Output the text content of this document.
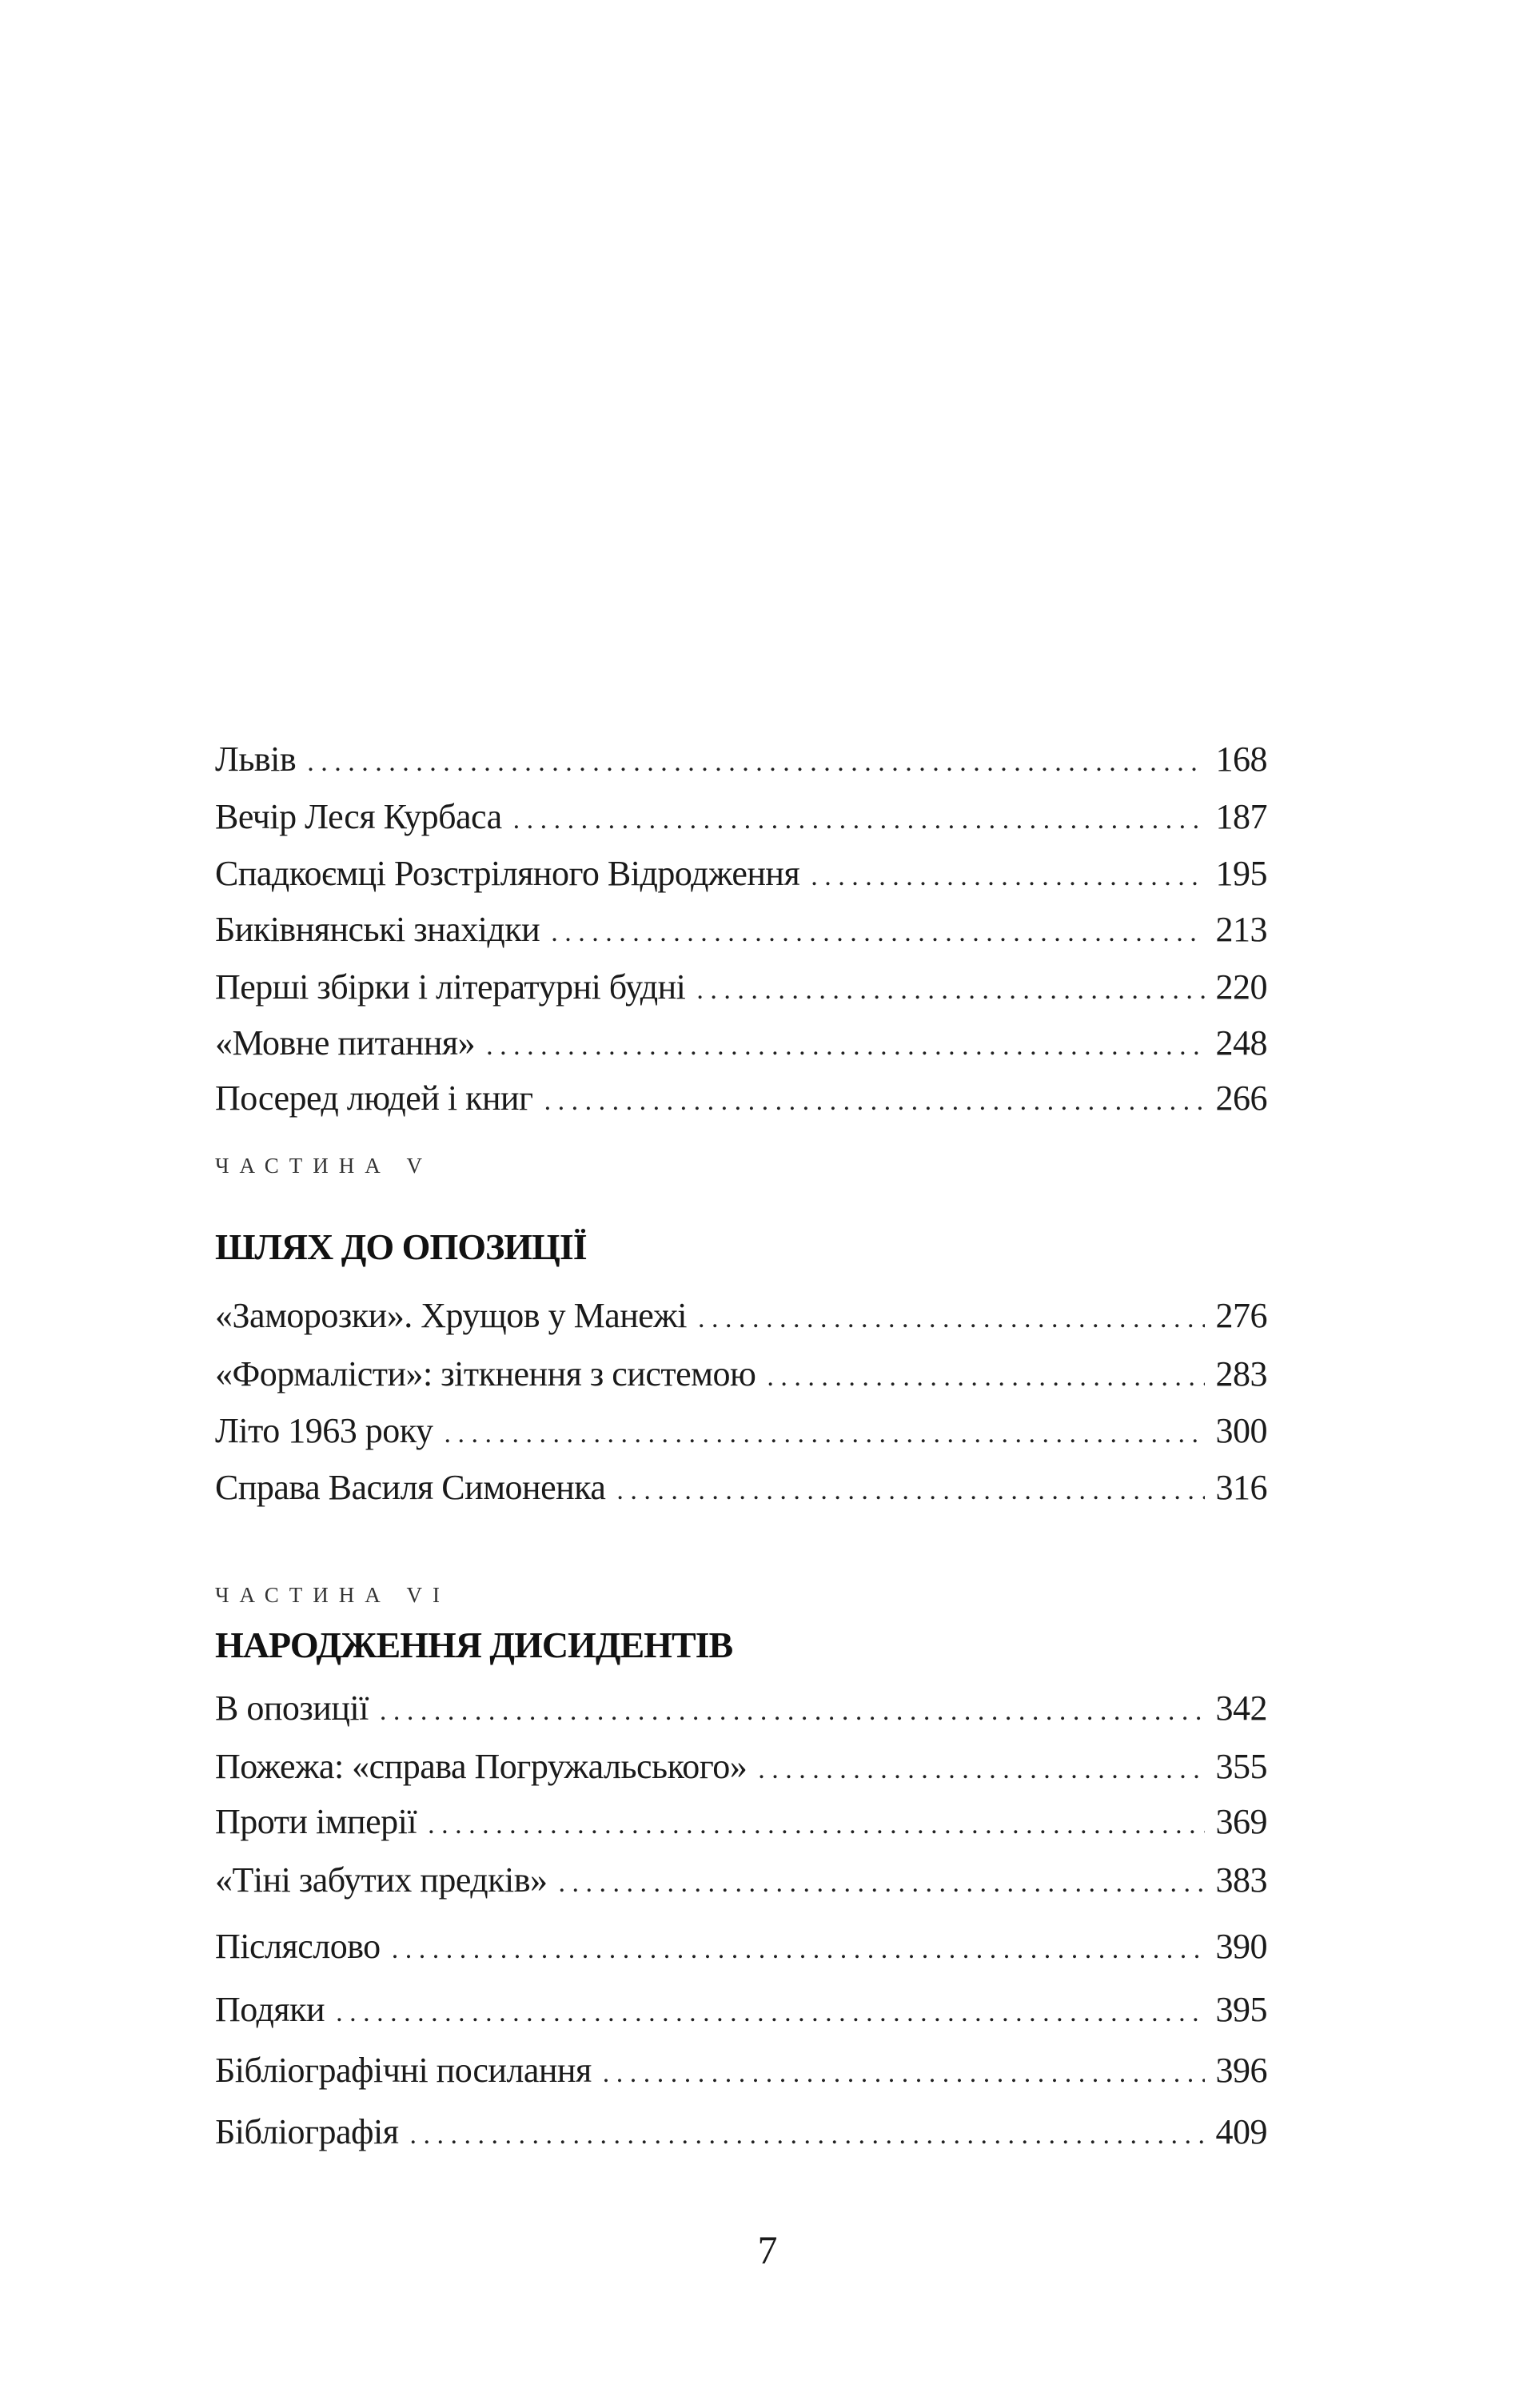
Львів . . .	168
Вечір Леся Курбаса . . .	187
Спадкоємці Розстріляного Відродження . . .	195
Биківнянські знахідки . . .	213
Перші збірки і літературні будні . . .	220
«Мовне питання» . . .	248
Посеред людей і книг . . .	266
ЧАСТИНА V
ШЛЯХ ДО ОПОЗИЦІЇ
«Заморозки». Хрущов у Манежі . . .	276
«Формалісти»: зіткнення з системою . . .	283
Літо 1963 року . . .	300
Справа Василя Симоненка . . .	316
ЧАСТИНА VI
НАРОДЖЕННЯ ДИСИДЕНТІВ
В опозиції . . .	342
Пожежа: «справа Погружальського» . . .	355
Проти імперії . . .	369
«Тіні забутих предків» . . .	383
Післяслово . . .	390
Подяки . . .	395
Бібліографічні посилання . . .	396
Бібліографія . . .	409
7
